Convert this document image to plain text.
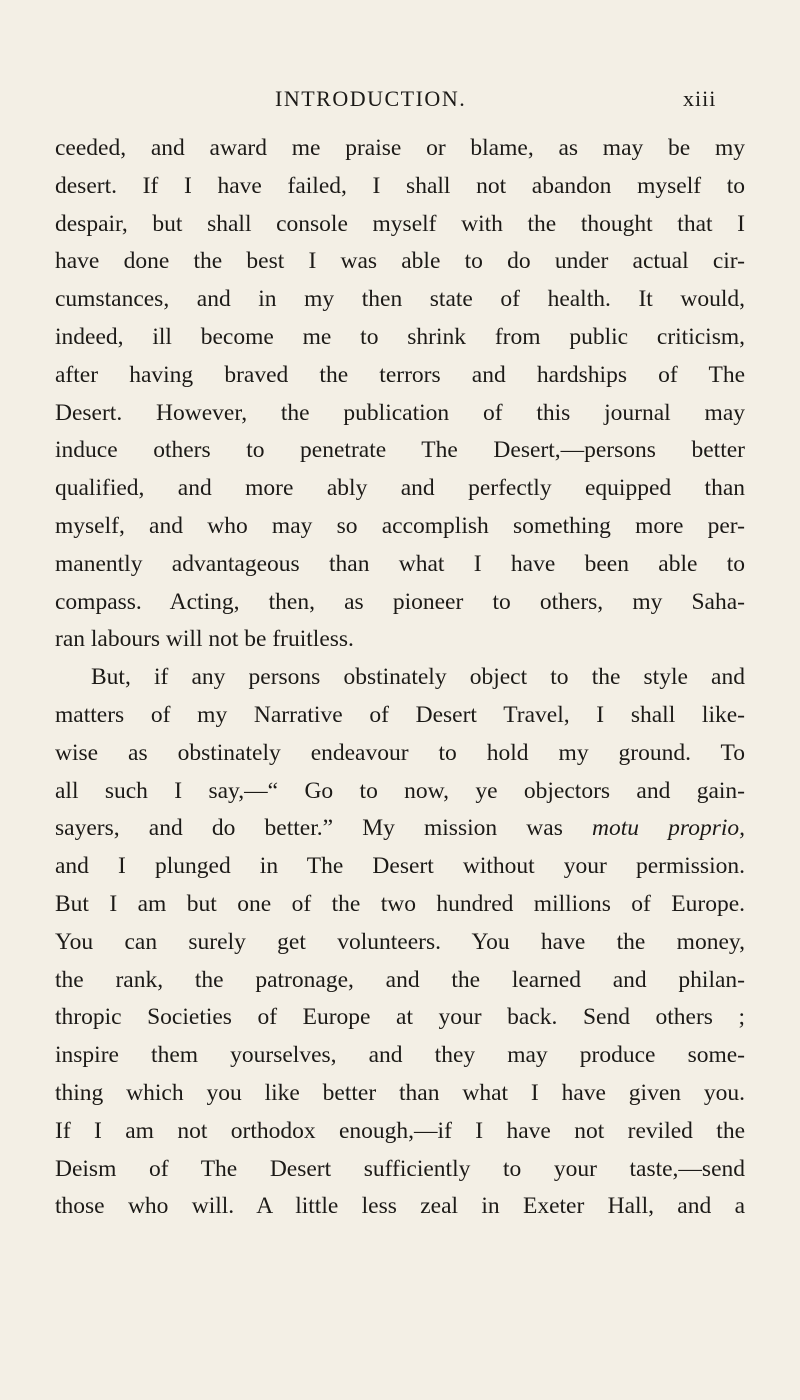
INTRODUCTION.	xiii
ceeded, and award me praise or blame, as may be my
desert. If I have failed, I shall not abandon myself to
despair, but shall console myself with the thought that I
have done the best I was able to do under actual cir-
cumstances, and in my then state of health. It would,
indeed, ill become me to shrink from public criticism,
after having braved the terrors and hardships of The
Desert. However, the publication of this journal may
induce others to penetrate The Desert,—persons better
qualified, and more ably and perfectly equipped than
myself, and who may so accomplish something more per-
manently advantageous than what I have been able to
compass. Acting, then, as pioneer to others, my Saha-
ran labours will not be fruitless.
But, if any persons obstinately object to the style and
matters of my Narrative of Desert Travel, I shall like-
wise as obstinately endeavour to hold my ground. To
all such I say,—“ Go to now, ye objectors and gain-
sayers, and do better.” My mission was motu proprio,
and I plunged in The Desert without your permission.
But I am but one of the two hundred millions of Europe.
You can surely get volunteers. You have the money,
the rank, the patronage, and the learned and philan-
thropic Societies of Europe at your back. Send others ;
inspire them yourselves, and they may produce some-
thing which you like better than what I have given you.
If I am not orthodox enough,—if I have not reviled the
Deism of The Desert sufficiently to your taste,—send
those who will. A little less zeal in Exeter Hall, and a
